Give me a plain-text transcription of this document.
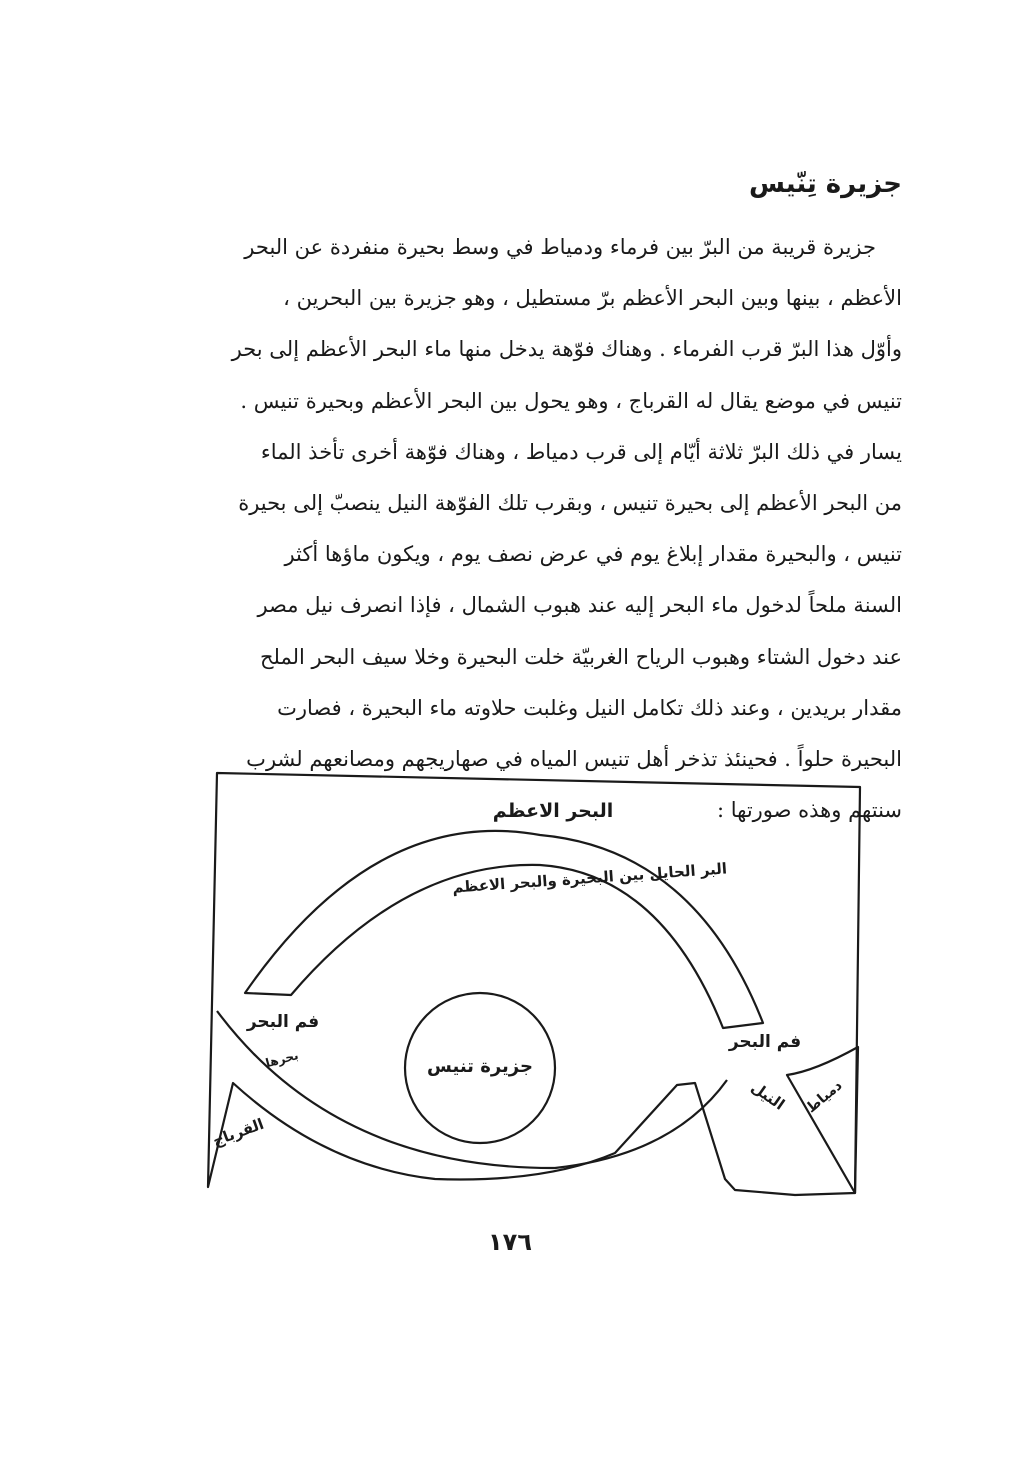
جزيرة تِنّيس
جزيرة قريبة من البرّ بين فرماء ودمياط في وسط بحيرة منفردة عن البحر
الأعظم ، بينها وبين البحر الأعظم برّ مستطيل ، وهو جزيرة بين البحرين ،
وأوّل هذا البرّ قرب الفرماء . وهناك فوّهة يدخل منها ماء البحر الأعظم إلى بحر
تنيس في موضع يقال له القرباج ، وهو يحول بين البحر الأعظم وبحيرة تنيس .
يسار في ذلك البرّ ثلاثة أيّام إلى قرب دمياط ، وهناك فوّهة أخرى تأخذ الماء
من البحر الأعظم إلى بحيرة تنيس ، وبقرب تلك الفوّهة النيل ينصبّ إلى بحيرة
تنيس ، والبحيرة مقدار إبلاغ يوم في عرض نصف يوم ، ويكون ماؤها أكثر
السنة ملحاً لدخول ماء البحر إليه عند هبوب الشمال ، فإذا انصرف نيل مصر
عند دخول الشتاء وهبوب الرياح الغربيّة خلت البحيرة وخلا سيف البحر الملح
مقدار بريدين ، وعند ذلك تكامل النيل وغلبت حلاوته ماء البحيرة ، فصارت
البحيرة حلواً . فحينئذ تذخر أهل تنيس المياه في صهاريجهم ومصانعهم لشرب
سنتهم وهذه صورتها :
البحر الاعظم
البر الحايل بين البحيرة والبحر الاعظم
فم البحر
فم البحر
جزيرة تنيس
بحرها
القرباج
النيل دمياط

١٧٦
